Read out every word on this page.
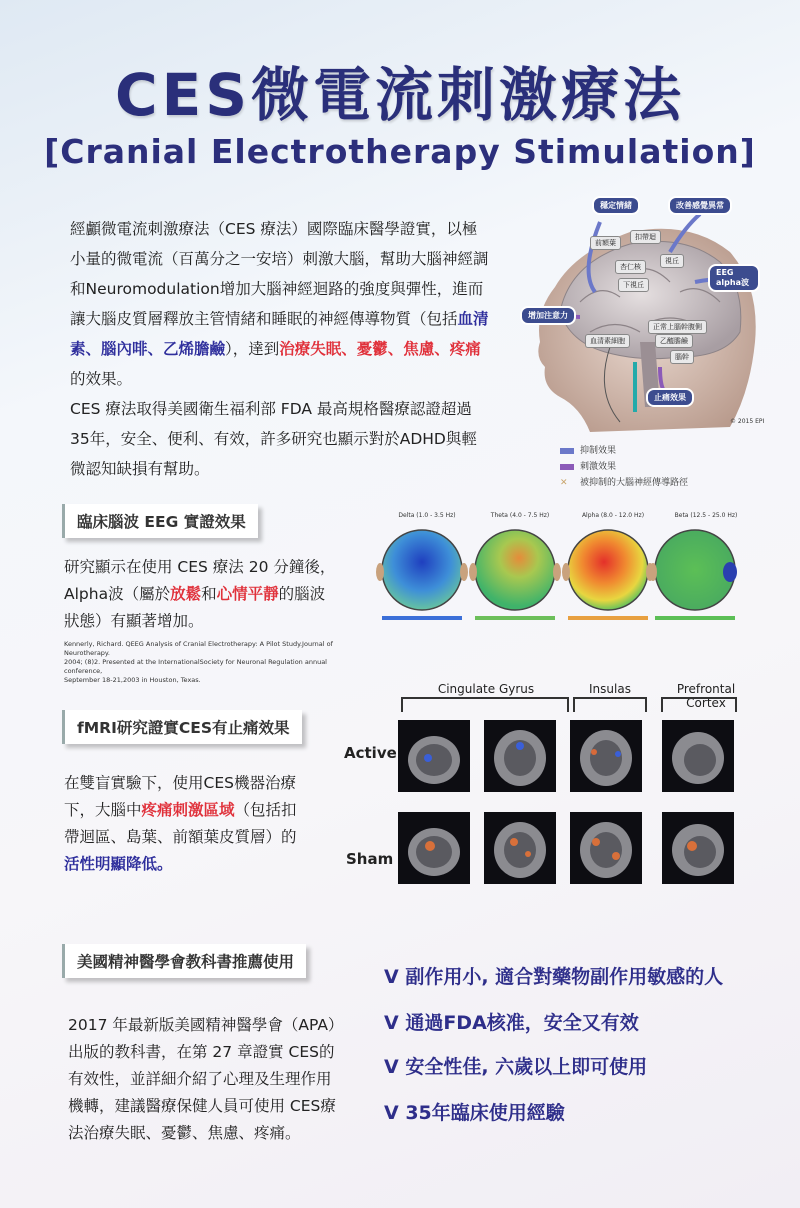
CES微電流刺激療法
[Cranial Electrotherapy Stimulation]
經顱微電流刺激療法（CES 療法）國際臨床醫學證實，以極
小量的微電流（百萬分之一安培）刺激大腦，幫助大腦神經調
和Neuromodulation增加大腦神經迴路的強度與彈性，進而
讓大腦皮質層釋放主管情緒和睡眠的神經傳導物質（包括血清
素、腦內啡、乙烯膽鹼），達到治療失眠、憂鬱、焦慮、疼痛
的效果。
CES 療法取得美國衛生福利部 FDA 最高規格醫療認證超過
35年，安全、便利、有效，許多研究也顯示對於ADHD與輕
微認知缺損有幫助。
穩定情緒	改善感覺異常
增加注意力
EEG alpha波
止痛效果
前額葉
扣帶迴
杏仁核
視丘
下視丘
血清素細胞
正常上腦幹腹側
乙醯膽鹼
腦幹
© 2015 EPI
抑制效果
刺激效果
✕ 被抑制的大腦神經傳導路徑
臨床腦波 EEG 實證效果
研究顯示在使用 CES 療法 20 分鐘後，
Alpha波（屬於放鬆和心情平靜的腦波
狀態）有顯著增加。
Kennerly, Richard. QEEG Analysis of Cranial Electrotherapy: A Pilot Study.Journal of Neurotherapy.
2004; (8)2. Presented at the InternationalSociety for Neuronal Regulation annual conference,
September 18-21,2003 in Houston, Texas.
Delta (1.0 - 3.5 Hz)	Theta (4.0 - 7.5 Hz)	Alpha (8.0 - 12.0 Hz)	Beta (12.5 - 25.0 Hz)
fMRI研究證實CES有止痛效果
在雙盲實驗下，使用CES機器治療
下，大腦中疼痛刺激區域（包括扣
帶迴區、島葉、前額葉皮質層）的
活性明顯降低。
Cingulate Gyrus	Insulas	Prefrontal Cortex
Active
Sham
美國精神醫學會教科書推薦使用
2017 年最新版美國精神醫學會（APA）
出版的教科書，在第 27 章證實 CES的
有效性，並詳細介紹了心理及生理作用
機轉，建議醫療保健人員可使用 CES療
法治療失眠、憂鬱、焦慮、疼痛。
V 副作用小, 適合對藥物副作用敏感的人
V 通過FDA核准，安全又有效
V 安全性佳, 六歲以上即可使用
V 35年臨床使用經驗
